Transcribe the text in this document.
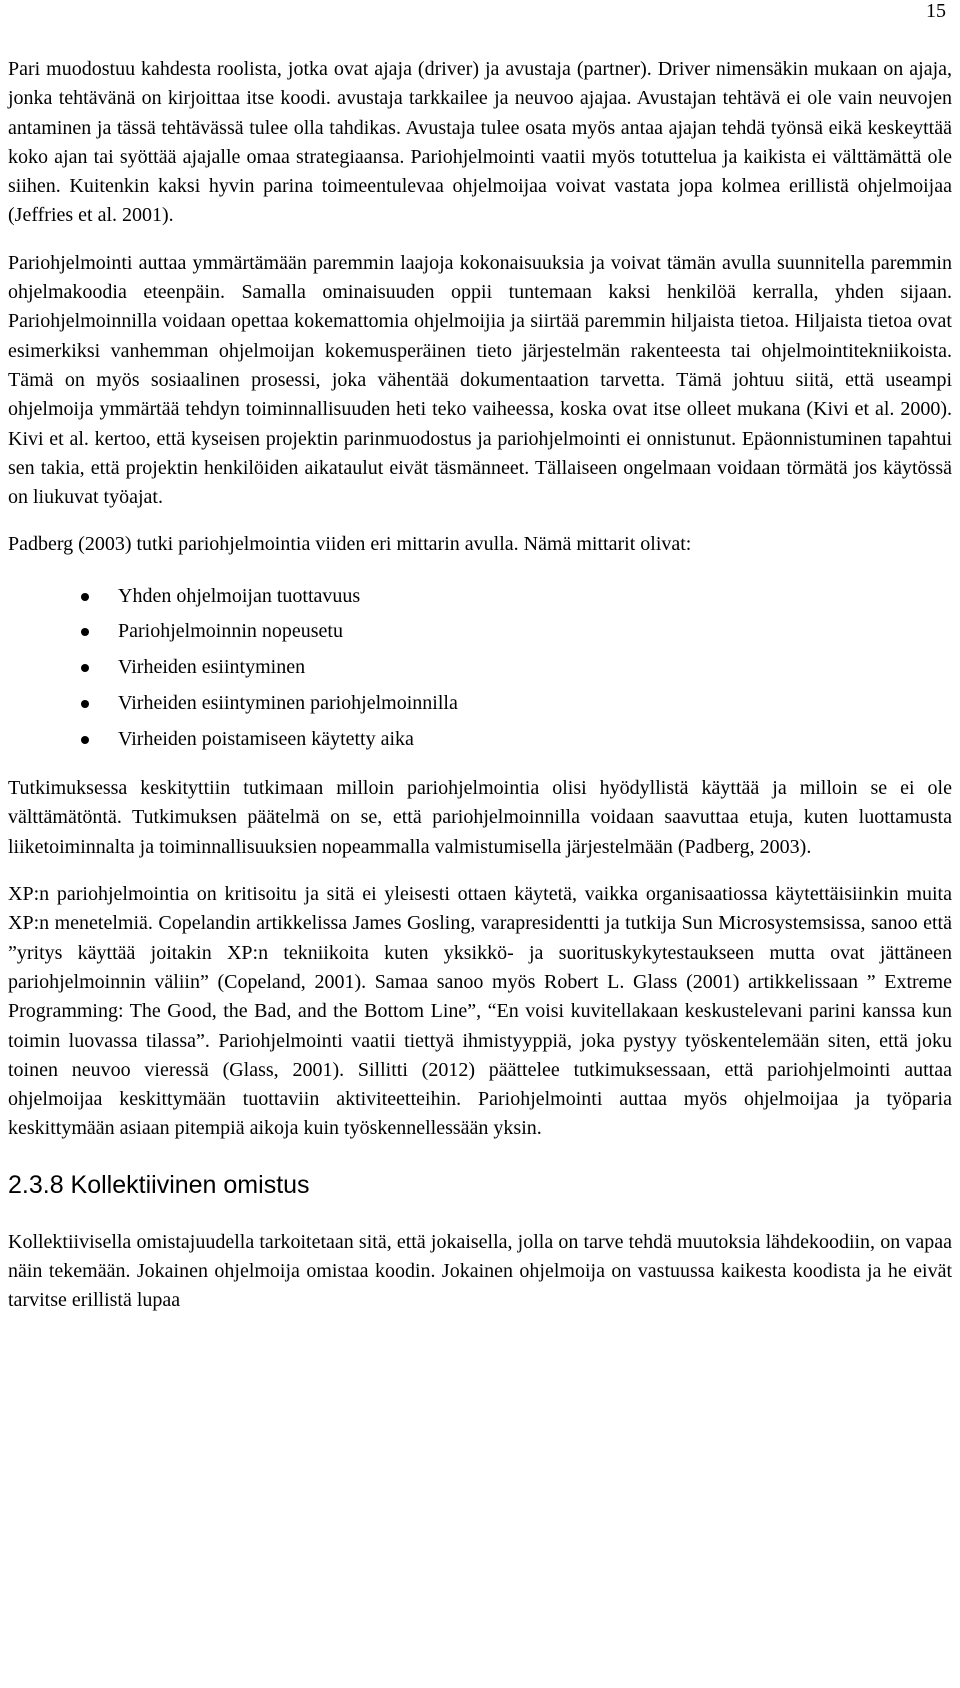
15

Pari muodostuu kahdesta roolista, jotka ovat ajaja (driver) ja avustaja (partner). Driver nimensäkin mukaan on ajaja, jonka tehtävänä on kirjoittaa itse koodi. avustaja tarkkailee ja neuvoo ajajaa. Avustajan tehtävä ei ole vain neuvojen antaminen ja tässä tehtävässä tulee olla tahdikas. Avustaja tulee osata myös antaa ajajan tehdä työnsä eikä keskeyttää koko ajan tai syöttää ajajalle omaa strategiaansa. Pariohjelmointi vaatii myös totuttelua ja kaikista ei välttämättä ole siihen. Kuitenkin kaksi hyvin parina toimeentulevaa ohjelmoijaa voivat vastata jopa kolmea erillistä ohjelmoijaa (Jeffries et al. 2001).

Pariohjelmointi auttaa ymmärtämään paremmin laajoja kokonaisuuksia ja voivat tämän avulla suunnitella paremmin ohjelmakoodia eteenpäin. Samalla ominaisuuden oppii tuntemaan kaksi henkilöä kerralla, yhden sijaan. Pariohjelmoinnilla voidaan opettaa kokemattomia ohjelmoijia ja siirtää paremmin hiljaista tietoa. Hiljaista tietoa ovat esimerkiksi vanhemman ohjelmoijan kokemusperäinen tieto järjestelmän rakenteesta tai ohjelmointitekniikoista. Tämä on myös sosiaalinen prosessi, joka vähentää dokumentaation tarvetta. Tämä johtuu siitä, että useampi ohjelmoija ymmärtää tehdyn toiminnallisuuden heti teko vaiheessa, koska ovat itse olleet mukana (Kivi et al. 2000). Kivi et al. kertoo, että kyseisen projektin parinmuodostus ja pariohjelmointi ei onnistunut. Epäonnistuminen tapahtui sen takia, että projektin henkilöiden aikataulut eivät täsmänneet. Tällaiseen ongelmaan voidaan törmätä jos käytössä on liukuvat työajat.

Padberg (2003) tutki pariohjelmointia viiden eri mittarin avulla. Nämä mittarit olivat:

Yhden ohjelmoijan tuottavuus
Pariohjelmoinnin nopeusetu
Virheiden esiintyminen
Virheiden esiintyminen pariohjelmoinnilla
Virheiden poistamiseen käytetty aika

Tutkimuksessa keskityttiin tutkimaan milloin pariohjelmointia olisi hyödyllistä käyttää ja milloin se ei ole välttämätöntä. Tutkimuksen päätelmä on se, että pariohjelmoinnilla voidaan saavuttaa etuja, kuten luottamusta liiketoiminnalta ja toiminnallisuuksien nopeammalla valmistumisella järjestelmään (Padberg, 2003).

XP:n pariohjelmointia on kritisoitu ja sitä ei yleisesti ottaen käytetä, vaikka organisaatiossa käytettäisiinkin muita XP:n menetelmiä. Copelandin artikkelissa James Gosling, varapresidentti ja tutkija Sun Microsystemsissa, sanoo että ”yritys käyttää joitakin XP:n tekniikoita kuten yksikkö- ja suorituskykytestaukseen mutta ovat jättäneen pariohjelmoinnin väliin” (Copeland, 2001). Samaa sanoo myös Robert L. Glass (2001) artikkelissaan ” Extreme Programming: The Good, the Bad, and the Bottom Line”, “En voisi kuvitellakaan keskustelevani parini kanssa kun toimin luovassa tilassa”. Pariohjelmointi vaatii tiettyä ihmistyyppiä, joka pystyy työskentelemään siten, että joku toinen neuvoo vieressä (Glass, 2001). Sillitti (2012) päättelee tutkimuksessaan, että pariohjelmointi auttaa ohjelmoijaa keskittymään tuottaviin aktiviteetteihin. Pariohjelmointi auttaa myös ohjelmoijaa ja työparia keskittymään asiaan pitempiä aikoja kuin työskennellessään yksin.

2.3.8 Kollektiivinen omistus

Kollektiivisella omistajuudella tarkoitetaan sitä, että jokaisella, jolla on tarve tehdä muutoksia lähdekoodiin, on vapaa näin tekemään. Jokainen ohjelmoija omistaa koodin. Jokainen ohjelmoija on vastuussa kaikesta koodista ja he eivät tarvitse erillistä lupaa
